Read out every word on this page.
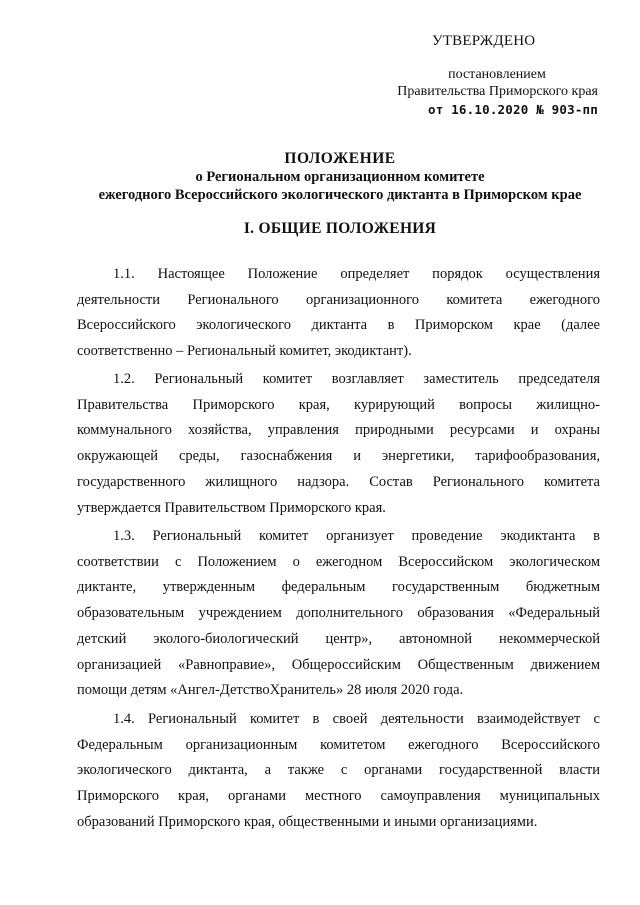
УТВЕРЖДЕНО
постановлением
Правительства Приморского края
от 16.10.2020 № 903-пп
ПОЛОЖЕНИЕ
о Региональном организационном комитете
ежегодного Всероссийского экологического диктанта в Приморском крае
I. ОБЩИЕ ПОЛОЖЕНИЯ
1.1. Настоящее Положение определяет порядок осуществления
деятельности Регионального организационного комитета ежегодного
Всероссийского экологического диктанта в Приморском крае (далее
соответственно – Региональный комитет, экодиктант).
1.2. Региональный комитет возглавляет заместитель председателя
Правительства Приморского края, курирующий вопросы жилищно-
коммунального хозяйства, управления природными ресурсами и охраны
окружающей среды, газоснабжения и энергетики, тарифообразования,
государственного жилищного надзора. Состав Регионального комитета
утверждается Правительством Приморского края.
1.3. Региональный комитет организует проведение экодиктанта в
соответствии с Положением о ежегодном Всероссийском экологическом
диктанте, утвержденным федеральным государственным бюджетным
образовательным учреждением дополнительного образования «Федеральный
детский эколого-биологический центр», автономной некоммерческой
организацией «Равноправие», Общероссийским Общественным движением
помощи детям «Ангел-ДетствоХранитель» 28 июля 2020 года.
1.4. Региональный комитет в своей деятельности взаимодействует с
Федеральным организационным комитетом ежегодного Всероссийского
экологического диктанта, а также с органами государственной власти
Приморского края, органами местного самоуправления муниципальных
образований Приморского края, общественными и иными организациями.
